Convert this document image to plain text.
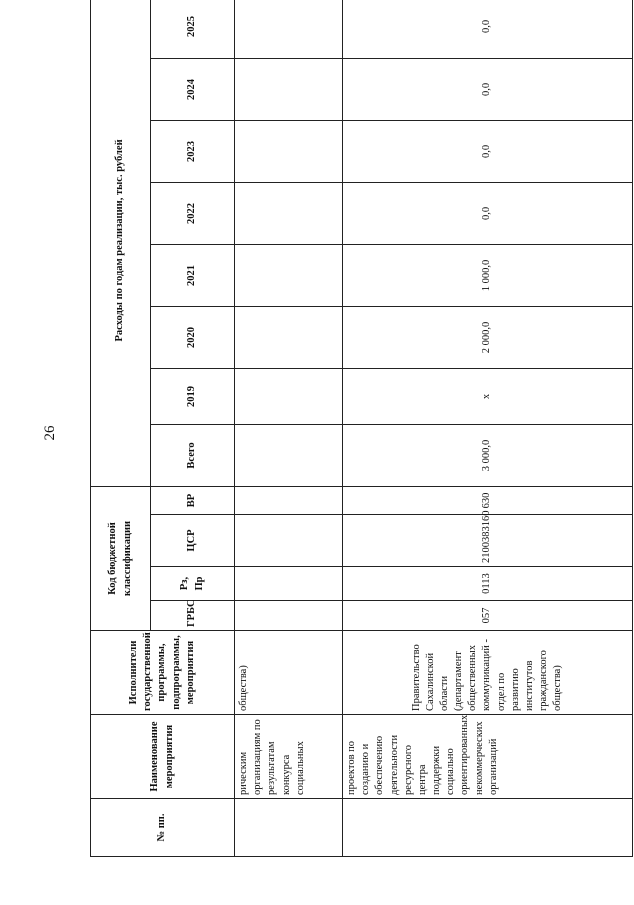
26
№ пп.	Наименование мероприятия	Исполнители государственной программы, подпрограммы, мероприятия	Код бюджетной классификации				Расходы по годам реализации, тыс. рублей							
			ГРБС	Рз, Пр	ЦСР	ВР	Всего	2019	2020	2021	2022	2023	2024	2025
	рическим организациям по результатам конкурса социальных	общества)												
	проектов по созданию и обеспечению деятельности ресурсного центра поддержки социально ориентированных некоммерческих организаций	Правительство Сахалинской области (департамент общественных коммуникаций - отдел по развитию институтов гражданского общества)	057	0113	2100383160	630	3 000,0	x	2 000,0	1 000,0	0,0	0,0	0,0	0,0
